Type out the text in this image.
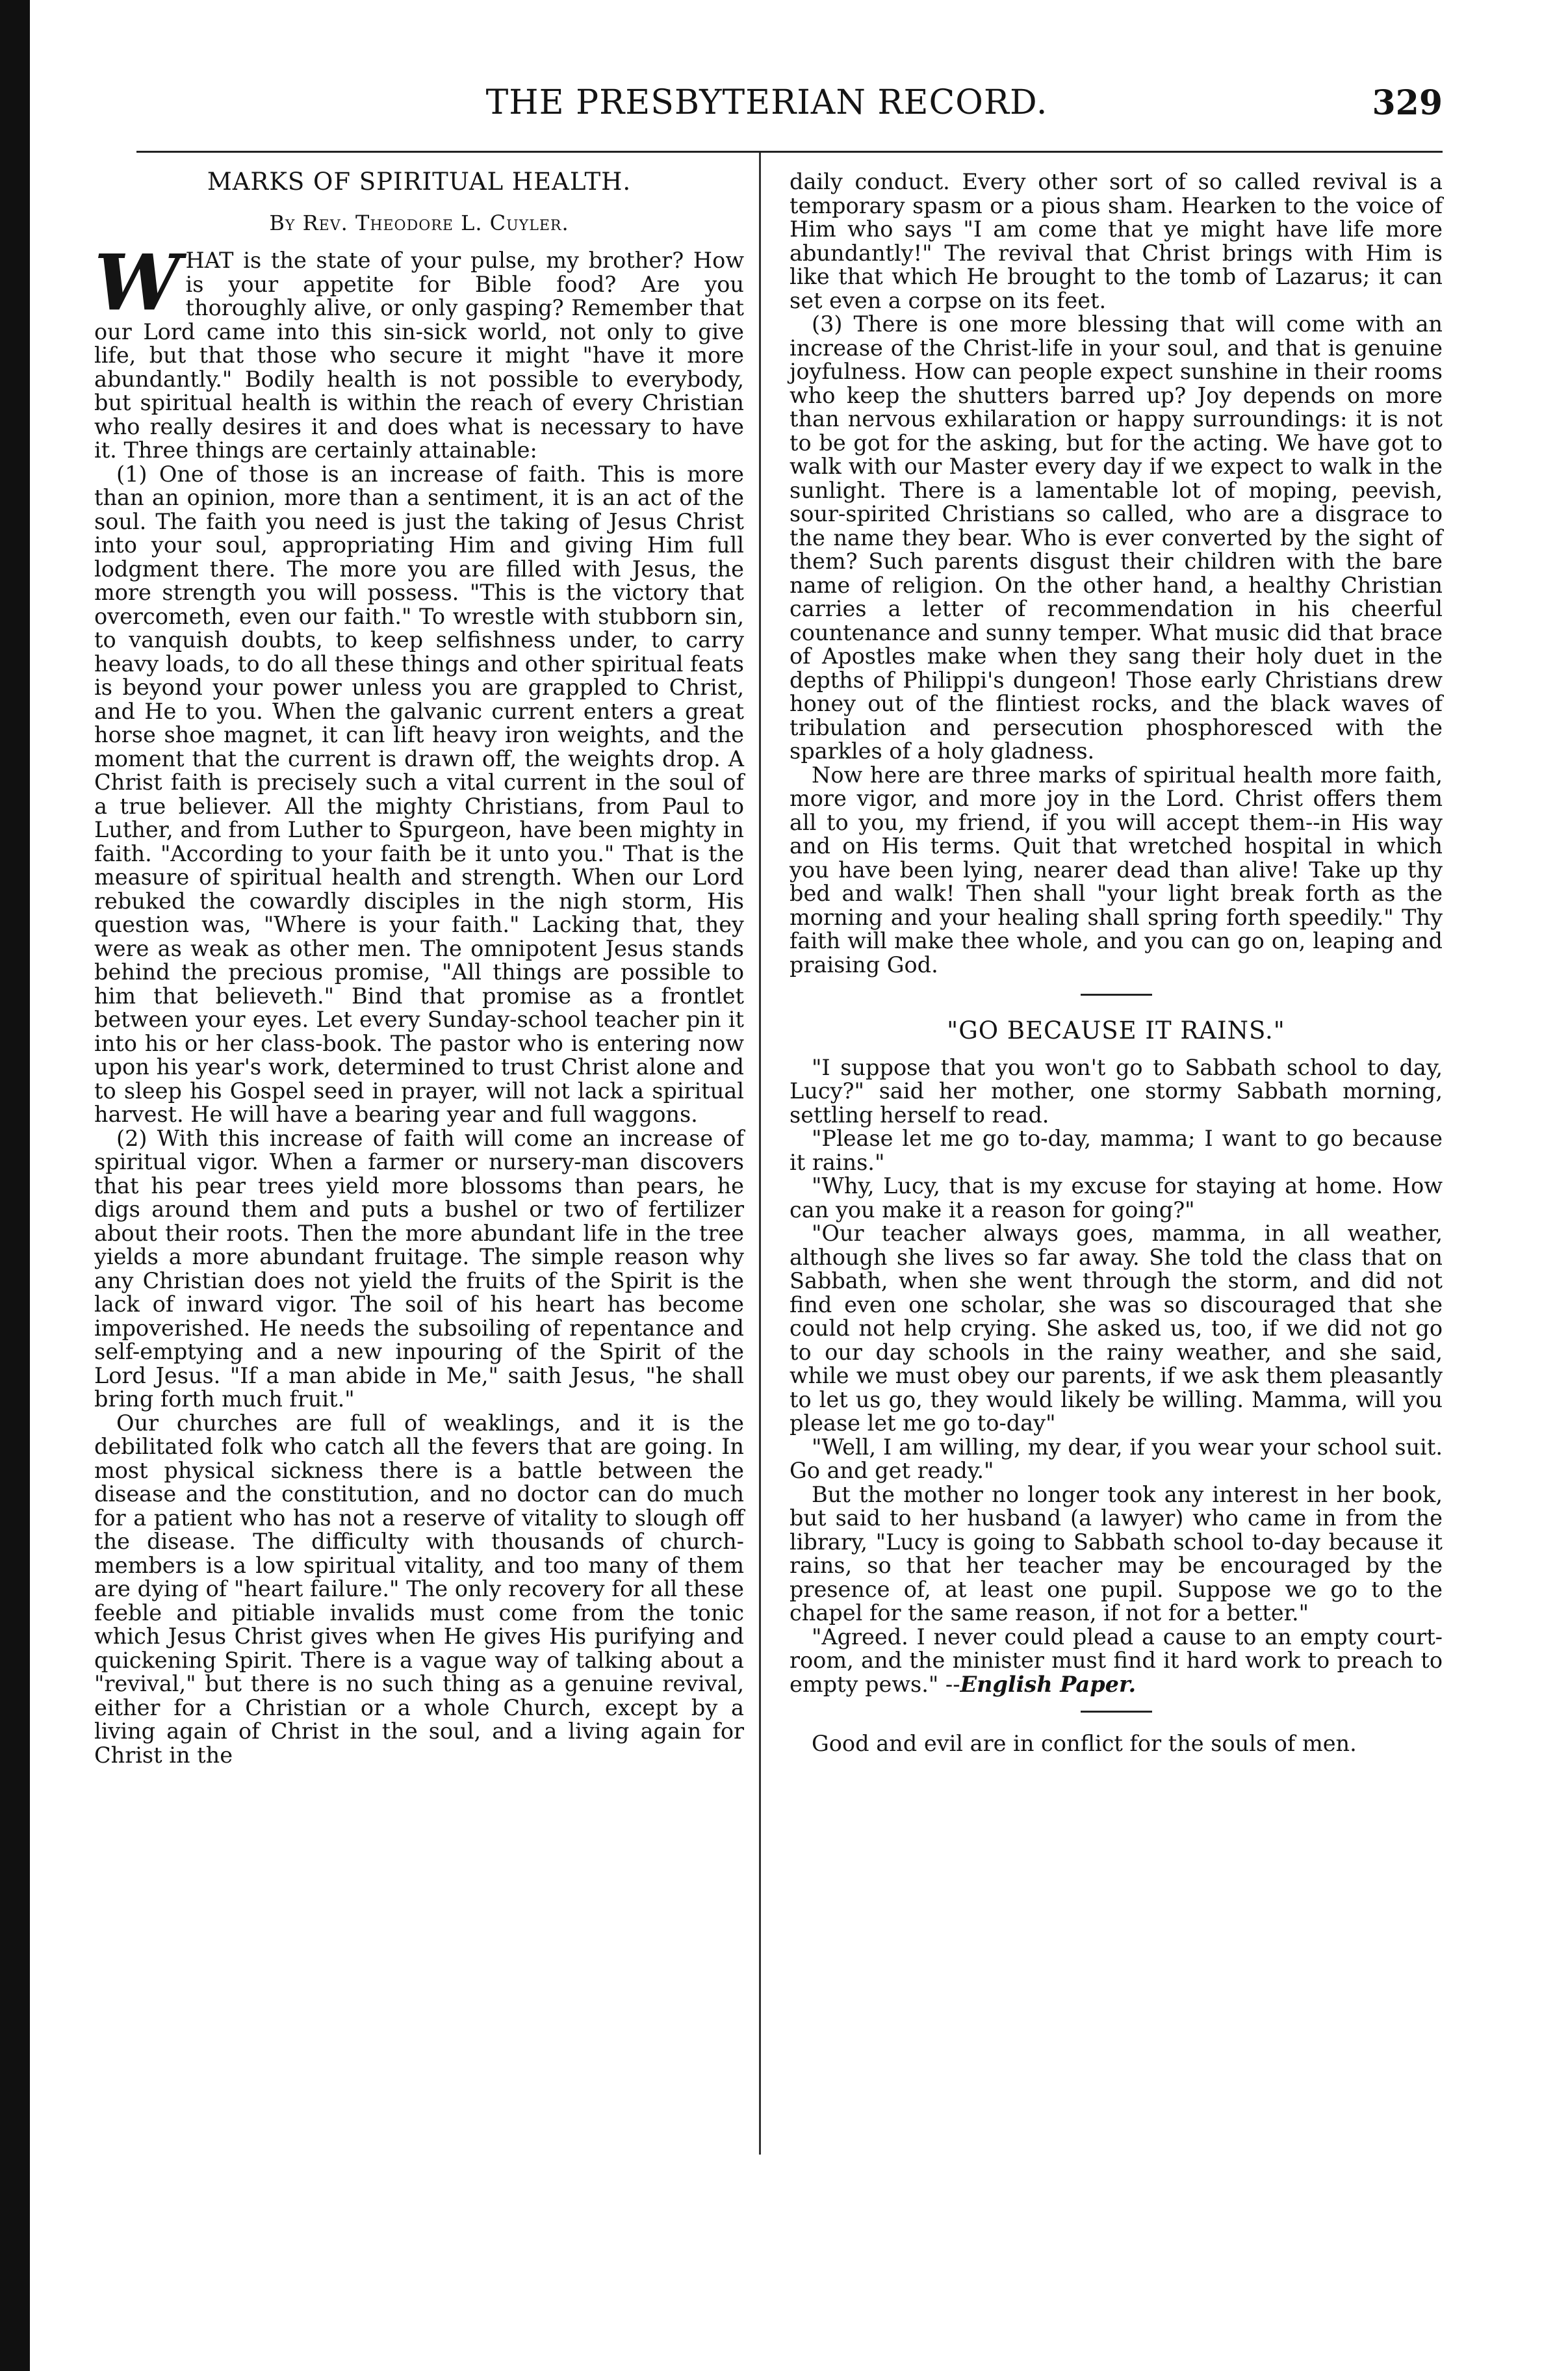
THE PRESBYTERIAN RECORD.	329
MARKS OF SPIRITUAL HEALTH.
By Rev. Theodore L. Cuyler.

WHAT is the state of your pulse, my brother? How is your appetite for Bible food? Are you thoroughly alive, or only gasping? Remember that our Lord came into this sin-sick world, not only to give life, but that those who secure it might "have it more abundantly." Bodily health is not possible to everybody, but spiritual health is within the reach of every Christian who really desires it and does what is necessary to have it. Three things are certainly attainable:

(1) One of those is an increase of faith. This is more than an opinion, more than a sentiment, it is an act of the soul. The faith you need is just the taking of Jesus Christ into your soul, appropriating Him and giving Him full lodgment there. The more you are filled with Jesus, the more strength you will possess. "This is the victory that overcometh, even our faith." To wrestle with stubborn sin, to vanquish doubts, to keep selfishness under, to carry heavy loads, to do all these things and other spiritual feats is beyond your power unless you are grappled to Christ, and He to you. When the galvanic current enters a great horse shoe magnet, it can lift heavy iron weights, and the moment that the current is drawn off, the weights drop. A Christ faith is precisely such a vital current in the soul of a true believer. All the mighty Christians, from Paul to Luther, and from Luther to Spurgeon, have been mighty in faith. "According to your faith be it unto you." That is the measure of spiritual health and strength. When our Lord rebuked the cowardly disciples in the nigh storm, His question was, "Where is your faith." Lacking that, they were as weak as other men. The omnipotent Jesus stands behind the precious promise, "All things are possible to him that believeth." Bind that promise as a frontlet between your eyes. Let every Sunday-school teacher pin it into his or her class-book. The pastor who is entering now upon his year's work, determined to trust Christ alone and to sleep his Gospel seed in prayer, will not lack a spiritual harvest. He will have a bearing year and full waggons.

(2) With this increase of faith will come an increase of spiritual vigor. When a farmer or nursery-man discovers that his pear trees yield more blossoms than pears, he digs around them and puts a bushel or two of fertilizer about their roots. Then the more abundant life in the tree yields a more abundant fruitage. The simple reason why any Christian does not yield the fruits of the Spirit is the lack of inward vigor. The soil of his heart has become impoverished. He needs the subsoiling of repentance and self-emptying and a new inpouring of the Spirit of the Lord Jesus. "If a man abide in Me," saith Jesus, "he shall bring forth much fruit."

Our churches are full of weaklings, and it is the debilitated folk who catch all the fevers that are going. In most physical sickness there is a battle between the disease and the constitution, and no doctor can do much for a patient who has not a reserve of vitality to slough off the disease. The difficulty with thousands of church-members is a low spiritual vitality, and too many of them are dying of "heart failure." The only recovery for all these feeble and pitiable invalids must come from the tonic which Jesus Christ gives when He gives His purifying and quickening Spirit. There is a vague way of talking about a "revival," but there is no such thing as a genuine revival, either for a Christian or a whole Church, except by a living again of Christ in the soul, and a living again for Christ in the

daily conduct. Every other sort of so called revival is a temporary spasm or a pious sham. Hearken to the voice of Him who says "I am come that ye might have life more abundantly!" The revival that Christ brings with Him is like that which He brought to the tomb of Lazarus; it can set even a corpse on its feet.

(3) There is one more blessing that will come with an increase of the Christ-life in your soul, and that is genuine joyfulness. How can people expect sunshine in their rooms who keep the shutters barred up? Joy depends on more than nervous exhilaration or happy surroundings: it is not to be got for the asking, but for the acting. We have got to walk with our Master every day if we expect to walk in the sunlight. There is a lamentable lot of moping, peevish, sour-spirited Christians so called, who are a disgrace to the name they bear. Who is ever converted by the sight of them? Such parents disgust their children with the bare name of religion. On the other hand, a healthy Christian carries a letter of recommendation in his cheerful countenance and sunny temper. What music did that brace of Apostles make when they sang their holy duet in the depths of Philippi's dungeon! Those early Christians drew honey out of the flintiest rocks, and the black waves of tribulation and persecution phosphoresced with the sparkles of a holy gladness.

Now here are three marks of spiritual health more faith, more vigor, and more joy in the Lord. Christ offers them all to you, my friend, if you will accept them--in His way and on His terms. Quit that wretched hospital in which you have been lying, nearer dead than alive! Take up thy bed and walk! Then shall "your light break forth as the morning and your healing shall spring forth speedily." Thy faith will make thee whole, and you can go on, leaping and praising God.

"GO BECAUSE IT RAINS."

"I suppose that you won't go to Sabbath school to day, Lucy?" said her mother, one stormy Sabbath morning, settling herself to read.

"Please let me go to-day, mamma; I want to go because it rains."

"Why, Lucy, that is my excuse for staying at home. How can you make it a reason for going?"

"Our teacher always goes, mamma, in all weather, although she lives so far away. She told the class that on Sabbath, when she went through the storm, and did not find even one scholar, she was so discouraged that she could not help crying. She asked us, too, if we did not go to our day schools in the rainy weather, and she said, while we must obey our parents, if we ask them pleasantly to let us go, they would likely be willing. Mamma, will you please let me go to-day"

"Well, I am willing, my dear, if you wear your school suit. Go and get ready."

But the mother no longer took any interest in her book, but said to her husband (a lawyer) who came in from the library, "Lucy is going to Sabbath school to-day because it rains, so that her teacher may be encouraged by the presence of, at least one pupil. Suppose we go to the chapel for the same reason, if not for a better."

"Agreed. I never could plead a cause to an empty court-room, and the minister must find it hard work to preach to empty pews." --English Paper.

Good and evil are in conflict for the souls of men.
